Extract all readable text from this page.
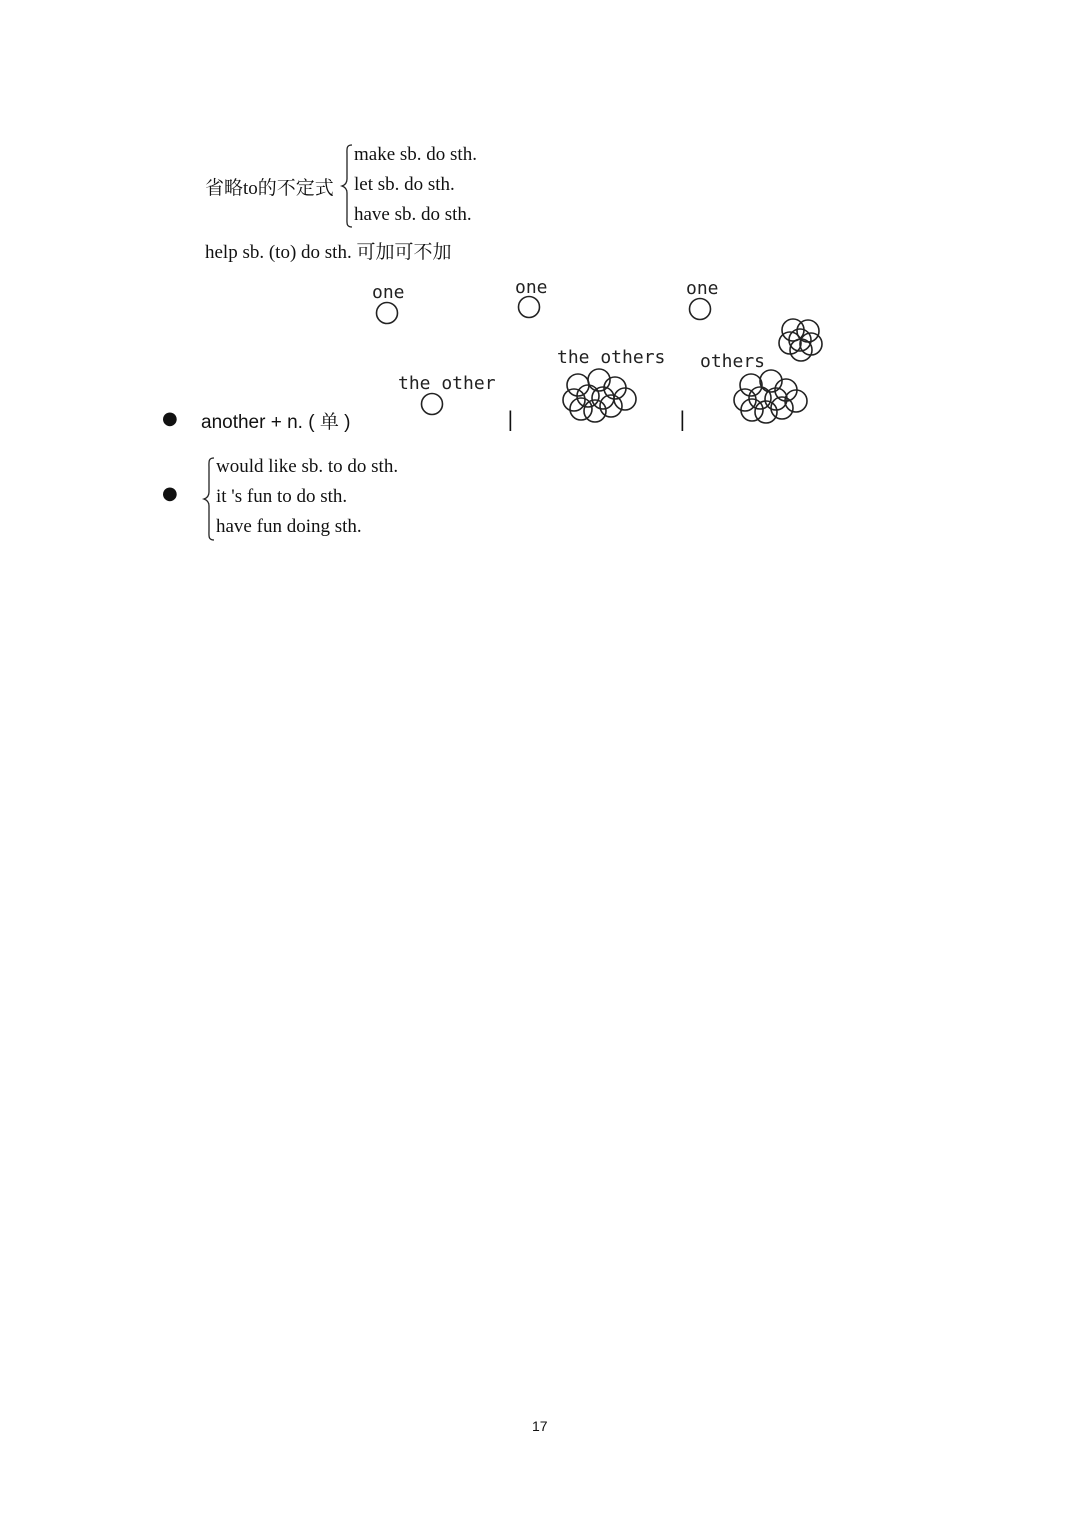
省略to的不定式
make sb. do sth.
let sb. do sth.
have sb. do sth.
help sb. (to) do sth. 可加可不加
one	one	one
the other
the others others
● another + n. ( 单 )	|	|
●
would like sb. to do sth.
it 's fun to do sth.
have fun doing sth.
17
